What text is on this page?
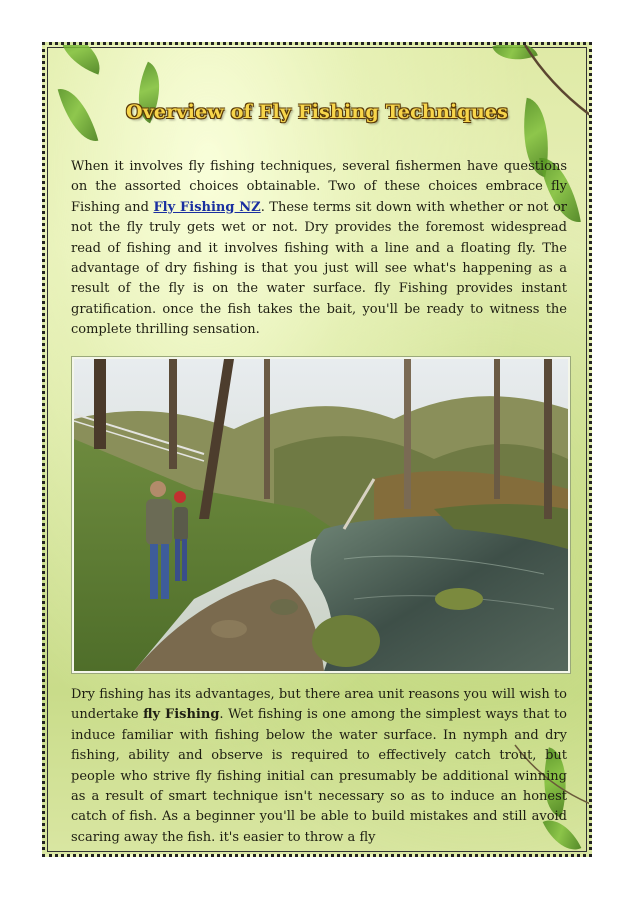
Overview of Fly Fishing Techniques

When it involves fly fishing techniques, several fishermen have questions on the assorted choices obtainable. Two of these choices embrace fly Fishing and Fly Fishing NZ. These terms sit down with whether or not or not the fly truly gets wet or not. Dry provides the foremost widespread read of fishing and it involves fishing with a line and a floating fly. The advantage of dry fishing is that you just will see what's happening as a result of the fly is on the water surface. fly Fishing provides instant gratification. once the fish takes the bait, you'll be ready to witness the complete thrilling sensation.

Dry fishing has its advantages, but there area unit reasons you will wish to undertake fly Fishing. Wet fishing is one among the simplest ways that to induce familiar with fishing below the water surface. In nymph and dry fishing, ability and observe is required to effectively catch trout, but people who strive fly fishing initial can presumably be additional winning as a result of smart technique isn't necessary so as to induce an honest catch of fish. As a beginner you'll be able to build mistakes and still avoid scaring away the fish. it's easier to throw a fly
